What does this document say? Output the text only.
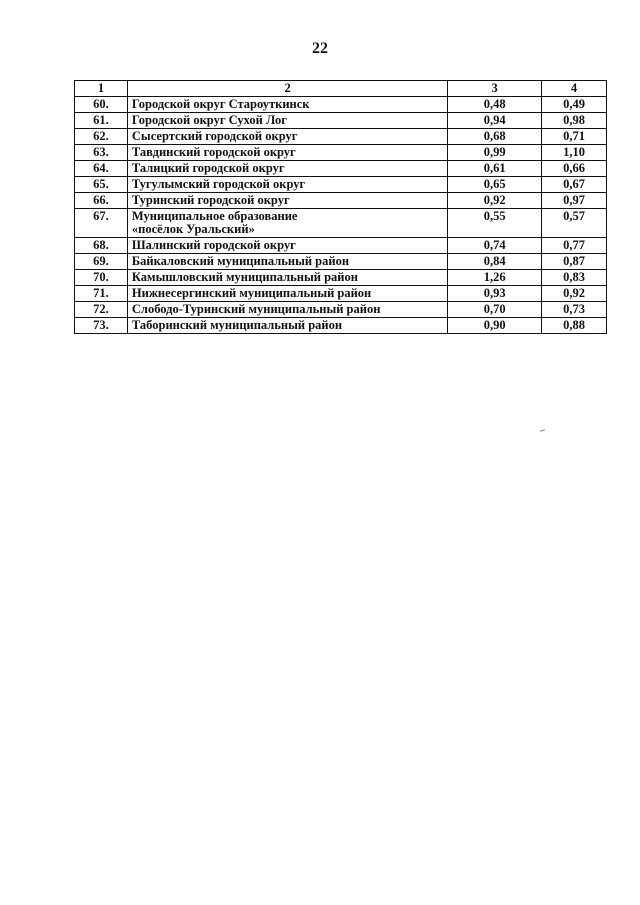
22
1	2	3	4
60.	Городской округ Староуткинск	0,48	0,49
61.	Городской округ Сухой Лог	0,94	0,98
62.	Сысертский городской округ	0,68	0,71
63.	Тавдинский городской округ	0,99	1,10
64.	Талицкий городской округ	0,61	0,66
65.	Тугулымский городской округ	0,65	0,67
66.	Туринский городской округ	0,92	0,97
67.	Муниципальное образование
«посёлок Уральский»	0,55	0,57
68.	Шалинский городской округ	0,74	0,77
69.	Байкаловский муниципальный район	0,84	0,87
70.	Камышловский муниципальный район	1,26	0,83
71.	Нижнесергинский муниципальный район	0,93	0,92
72.	Слободо-Туринский муниципальный район	0,70	0,73
73.	Таборинский муниципальный район	0,90	0,88
